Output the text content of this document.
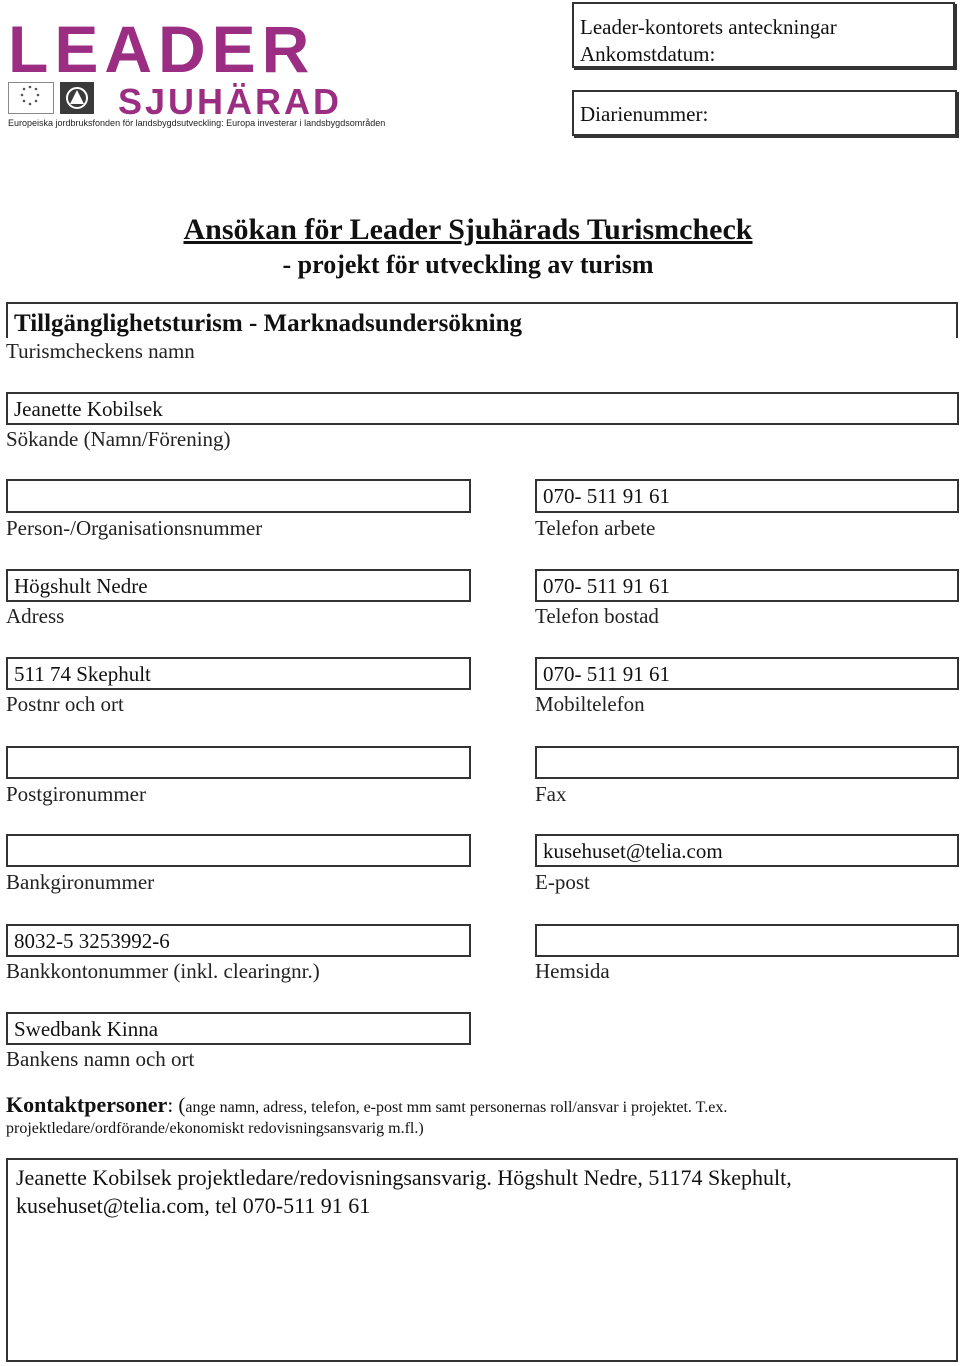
LEADER
SJUHÄRAD
Europeiska jordbruksfonden för landsbygdsutveckling: Europa investerar i landsbygdsområden
Leader-kontorets anteckningar
Ankomstdatum:
Diarienummer:
Ansökan för Leader Sjuhärads Turismcheck
- projekt för utveckling av turism
Tillgänglighetsturism - Marknadsundersökning
Turismcheckens namn
Jeanette Kobilsek
Sökande (Namn/Förening)
Person-/Organisationsnummer
Högshult Nedre
Adress
511 74 Skephult
Postnr och ort
Postgironummer
Bankgironummer
8032-5 3253992-6
Bankkontonummer (inkl. clearingnr.)
Swedbank Kinna
Bankens namn och ort
070- 511 91 61
Telefon arbete
070- 511 91 61
Telefon bostad
070- 511 91 61
Mobiltelefon
Fax
kusehuset@telia.com
E-post
Hemsida
Kontaktpersoner: (ange namn, adress, telefon, e-post mm samt personernas roll/ansvar i projektet. T.ex.
projektledare/ordförande/ekonomiskt redovisningsansvarig m.fl.)
Jeanette Kobilsek projektledare/redovisningsansvarig. Högshult Nedre, 51174 Skephult,
kusehuset@telia.com, tel 070-511 91 61
